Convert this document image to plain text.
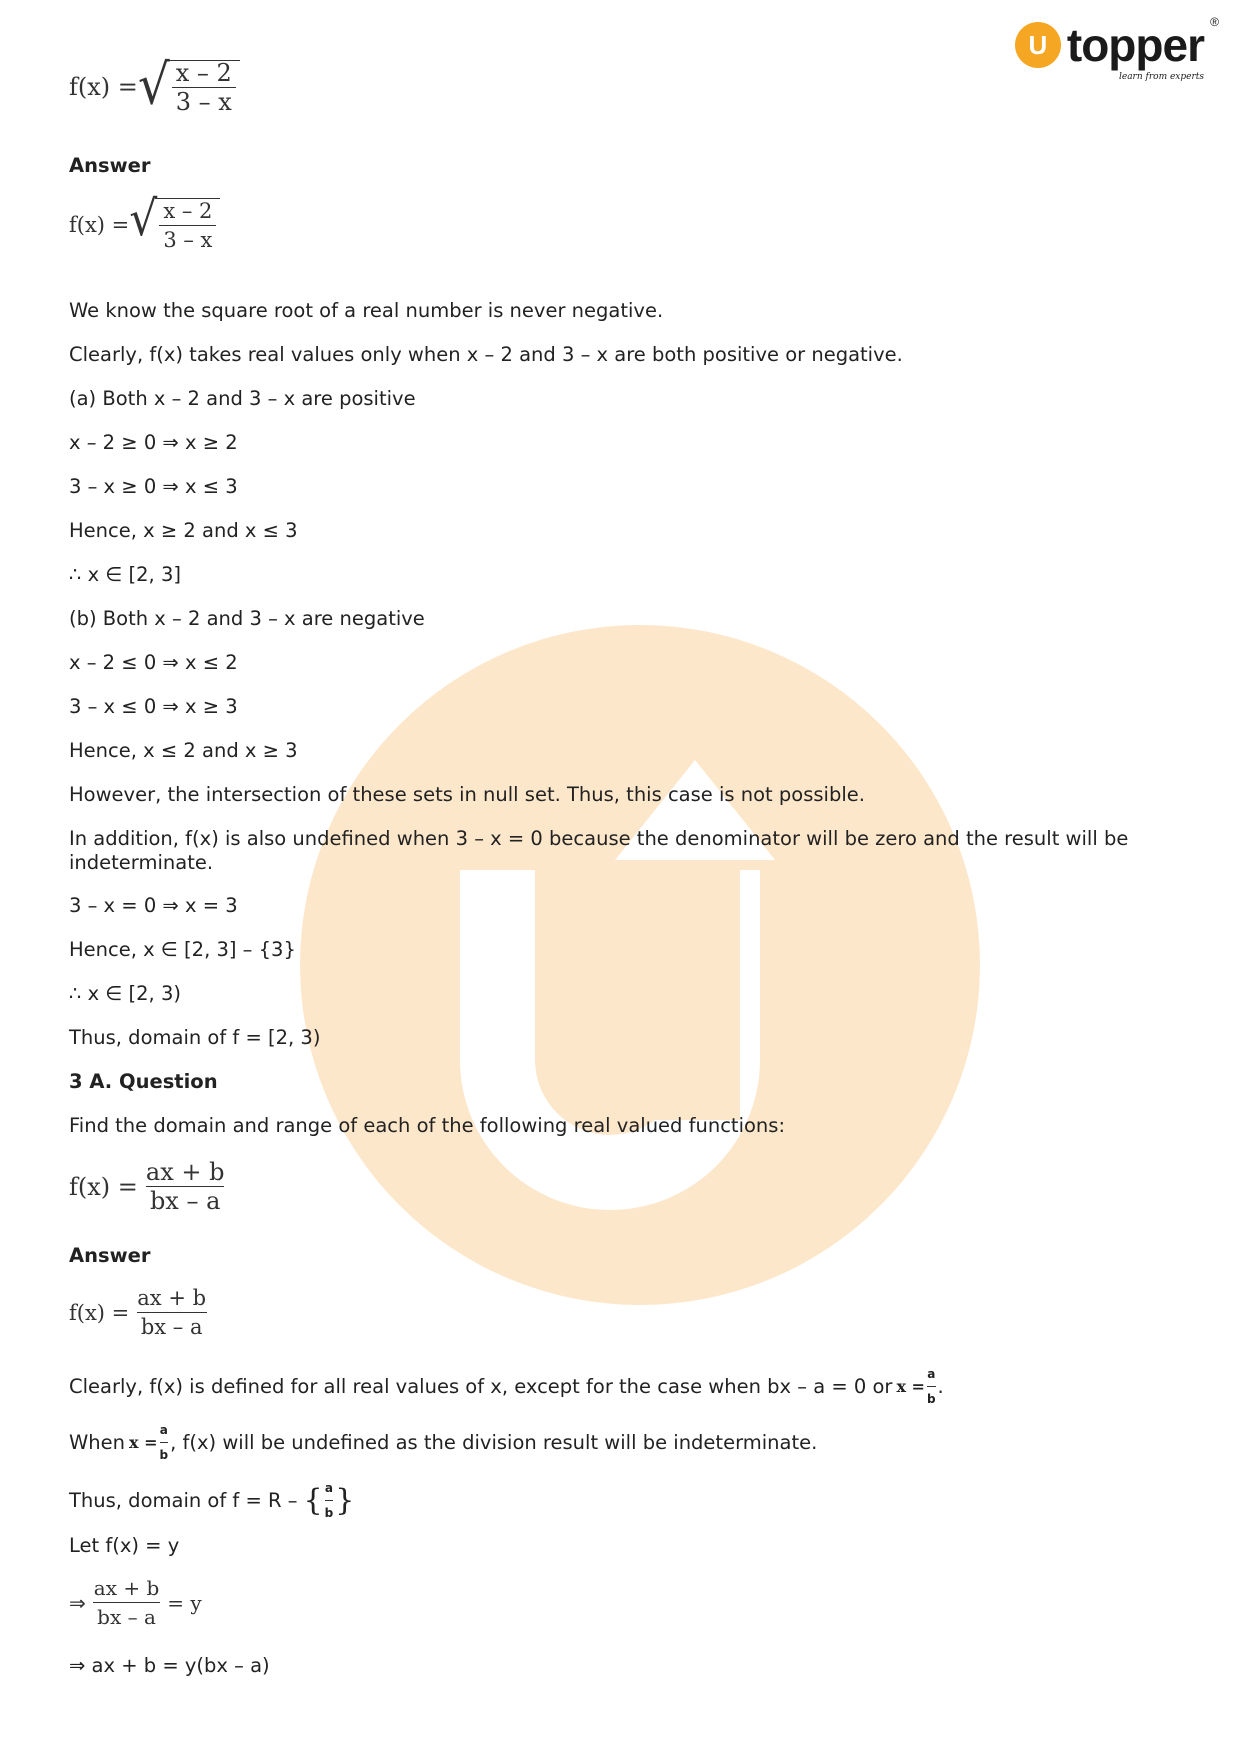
U topper ®
learn from experts
f(x) = √ $\frac{x - 2}{3 - x}$
Answer
f(x) = √ $\frac{x - 2}{3 - x}$
We know the square root of a real number is never negative.
Clearly, f(x) takes real values only when x – 2 and 3 – x are both positive or negative.
(a) Both x – 2 and 3 – x are positive
x – 2 ≥ 0 ⇒ x ≥ 2
3 – x ≥ 0 ⇒ x ≤ 3
Hence, x ≥ 2 and x ≤ 3
∴ x ∈ [2, 3]
(b) Both x – 2 and 3 – x are negative
x – 2 ≤ 0 ⇒ x ≤ 2
3 – x ≤ 0 ⇒ x ≥ 3
Hence, x ≤ 2 and x ≥ 3
However, the intersection of these sets in null set. Thus, this case is not possible.
In addition, f(x) is also undefined when 3 – x = 0 because the denominator will be zero and the result will be indeterminate.
3 – x = 0 ⇒ x = 3
Hence, x ∈ [2, 3] – {3}
∴ x ∈ [2, 3)
Thus, domain of f = [2, 3)
3 A. Question
Find the domain and range of each of the following real valued functions:
$f(x) = \frac{ax + b}{bx - a}$
Answer
$f(x) = \frac{ax + b}{bx - a}$
Clearly, f(x) is defined for all real values of x, except for the case when bx – a = 0 or $x = \frac{a}{b}$ .
When $x = \frac{a}{b}$ , f(x) will be undefined as the division result will be indeterminate.
Thus, domain of f = R – { $\frac{a}{b}$ }
Let f(x) = y
⇒ $\frac{ax + b}{bx - a} = y$
⇒ ax + b = y(bx – a)
